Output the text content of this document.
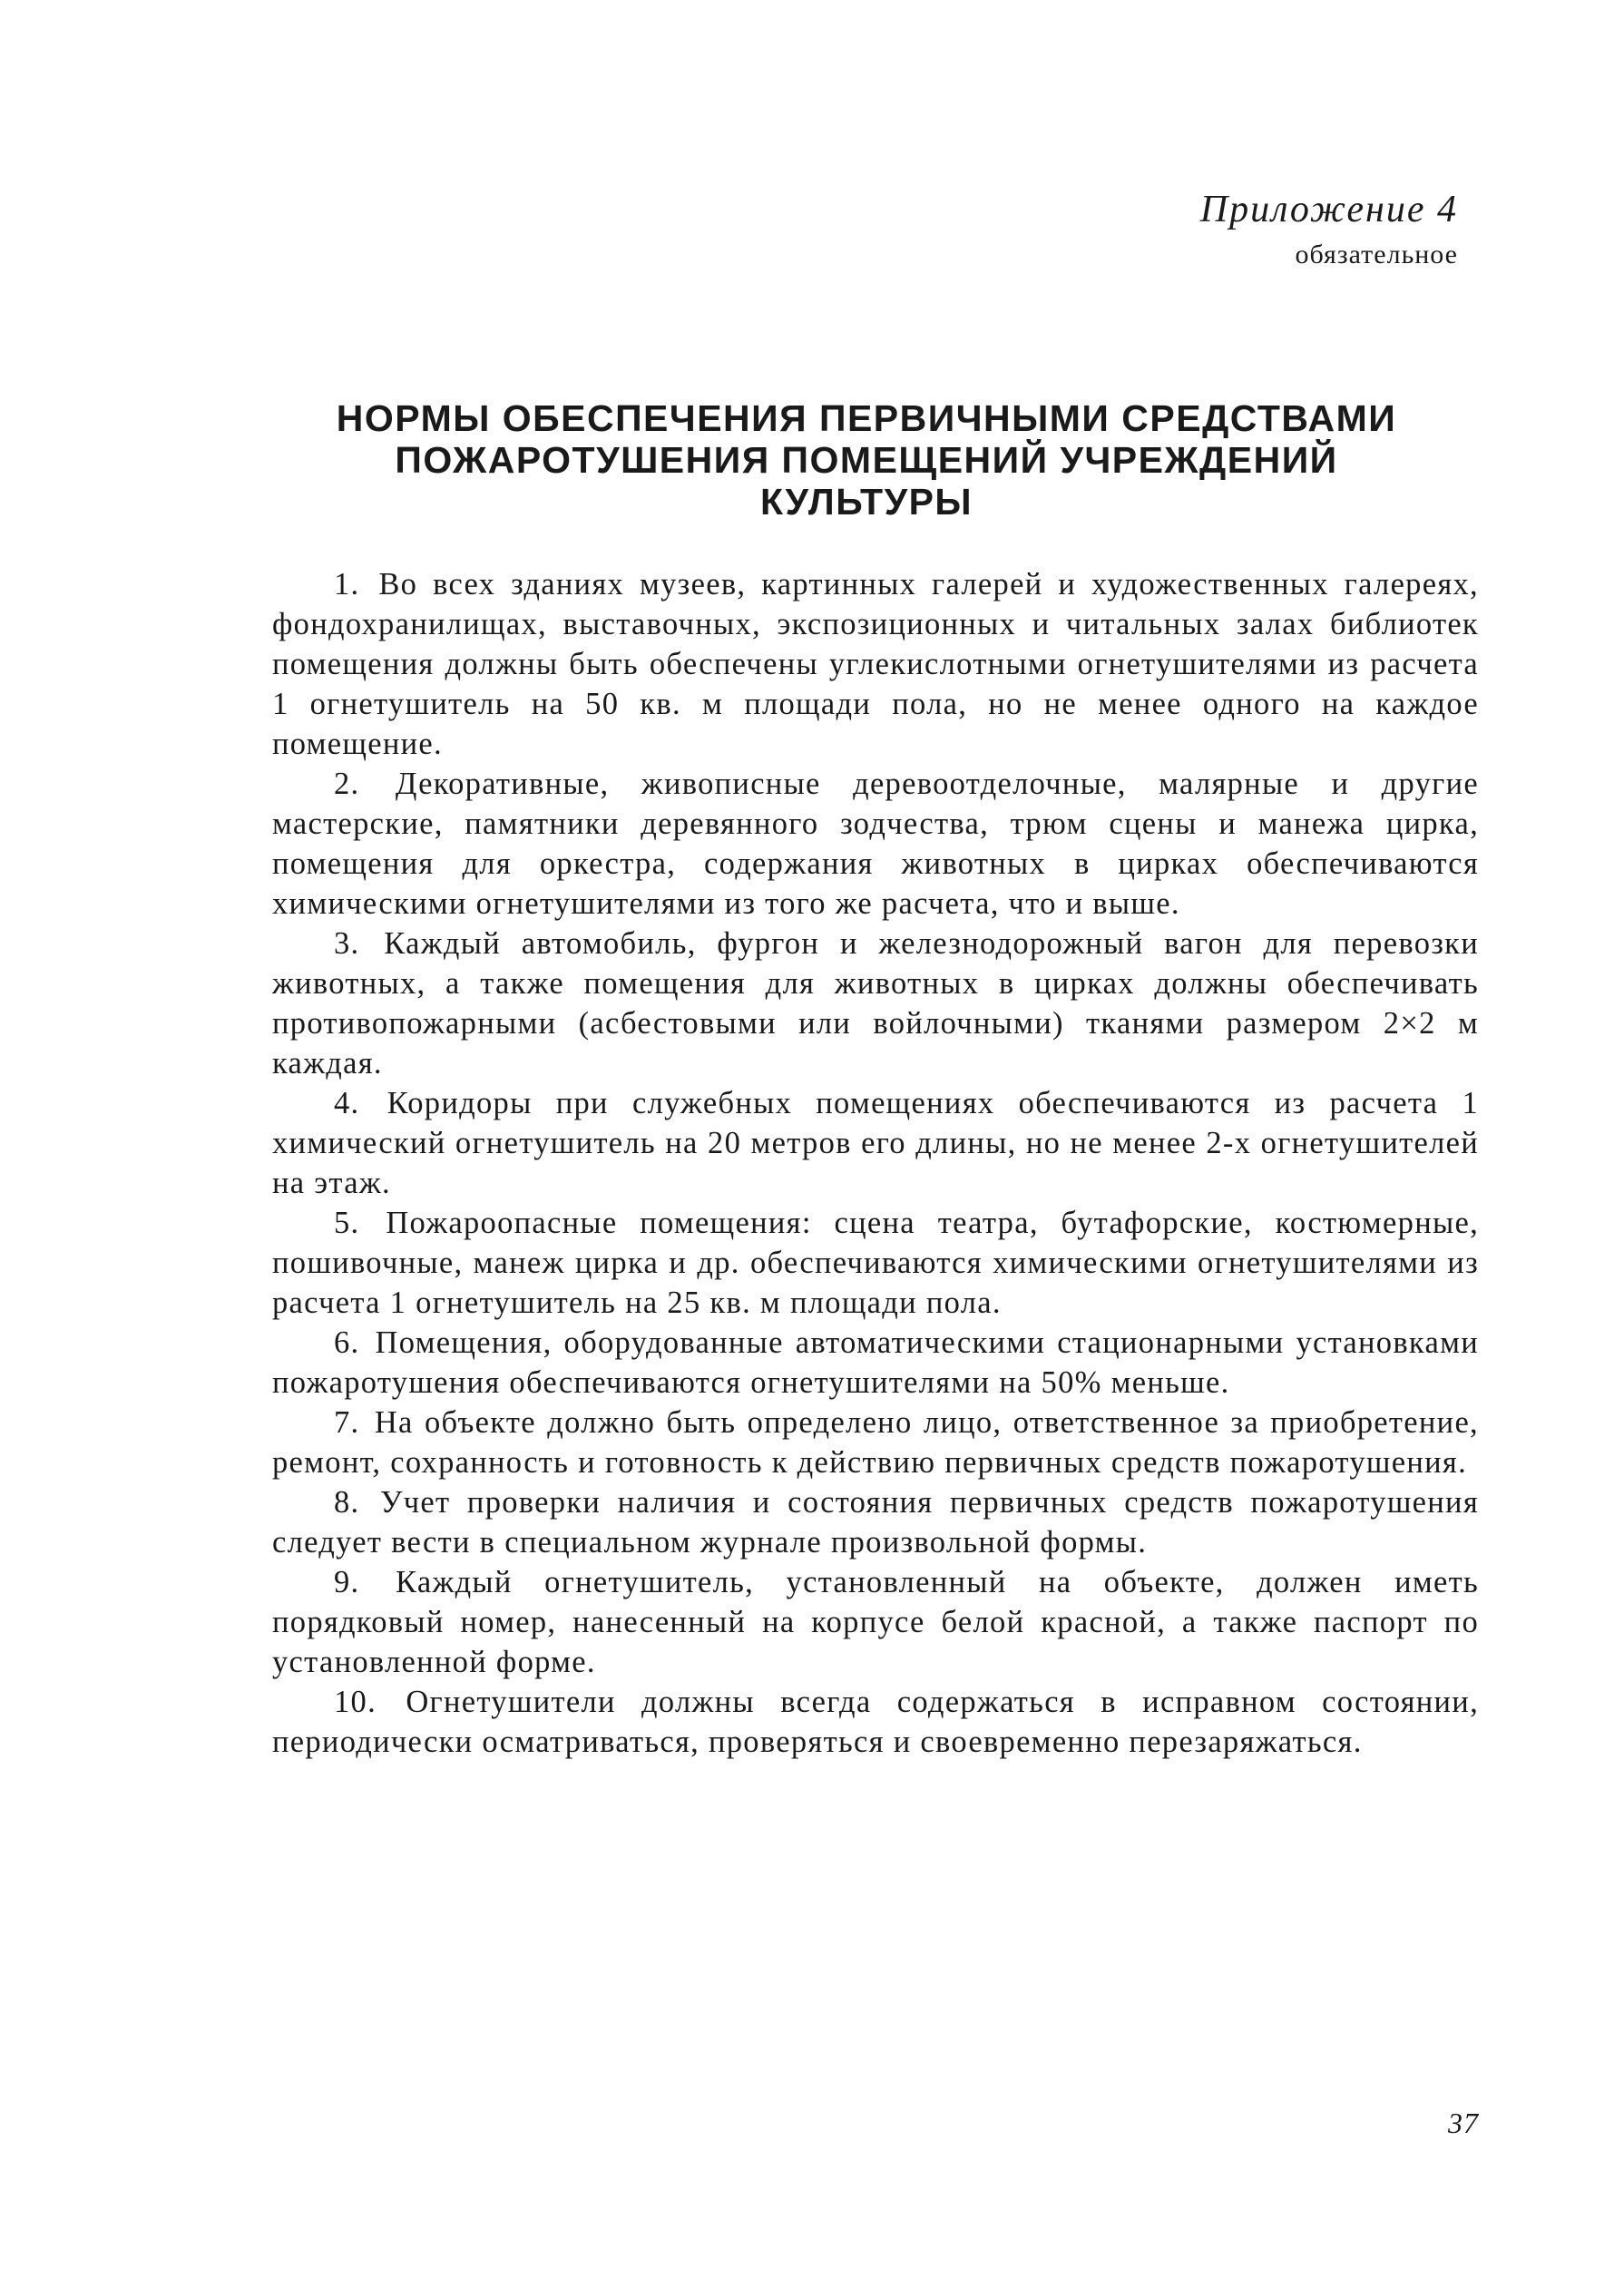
Приложение 4
обязательное
НОРМЫ ОБЕСПЕЧЕНИЯ ПЕРВИЧНЫМИ СРЕДСТВАМИ
ПОЖАРОТУШЕНИЯ ПОМЕЩЕНИЙ УЧРЕЖДЕНИЙ
КУЛЬТУРЫ

1. Во всех зданиях музеев, картинных галерей и художественных галереях, фондохранилищах, выставочных, экспозиционных и читальных залах библиотек помещения должны быть обеспечены углекислотными огнетушителями из расчета 1 огнетушитель на 50 кв. м площади пола, но не менее одного на каждое помещение.

2. Декоративные, живописные деревоотделочные, малярные и другие мастерские, памятники деревянного зодчества, трюм сцены и манежа цирка, помещения для оркестра, содержания животных в цирках обеспечиваются химическими огнетушителями из того же расчета, что и выше.

3. Каждый автомобиль, фургон и железнодорожный вагон для перевозки животных, а также помещения для животных в цирках должны обеспечивать противопожарными (асбестовыми или войлочными) тканями размером 2×2 м каждая.

4. Коридоры при служебных помещениях обеспечиваются из расчета 1 химический огнетушитель на 20 метров его длины, но не менее 2-х огнетушителей на этаж.

5. Пожароопасные помещения: сцена театра, бутафорские, костюмерные, пошивочные, манеж цирка и др. обеспечиваются химическими огнетушителями из расчета 1 огнетушитель на 25 кв. м площади пола.

6. Помещения, оборудованные автоматическими стационарными установками пожаротушения обеспечиваются огнетушителями на 50% меньше.

7. На объекте должно быть определено лицо, ответственное за приобретение, ремонт, сохранность и готовность к действию первичных средств пожаротушения.

8. Учет проверки наличия и состояния первичных средств пожаротушения следует вести в специальном журнале произвольной формы.

9. Каждый огнетушитель, установленный на объекте, должен иметь порядковый номер, нанесенный на корпусе белой красной, а также паспорт по установленной форме.

10. Огнетушители должны всегда содержаться в исправном состоянии, периодически осматриваться, проверяться и своевременно перезаряжаться.

37
